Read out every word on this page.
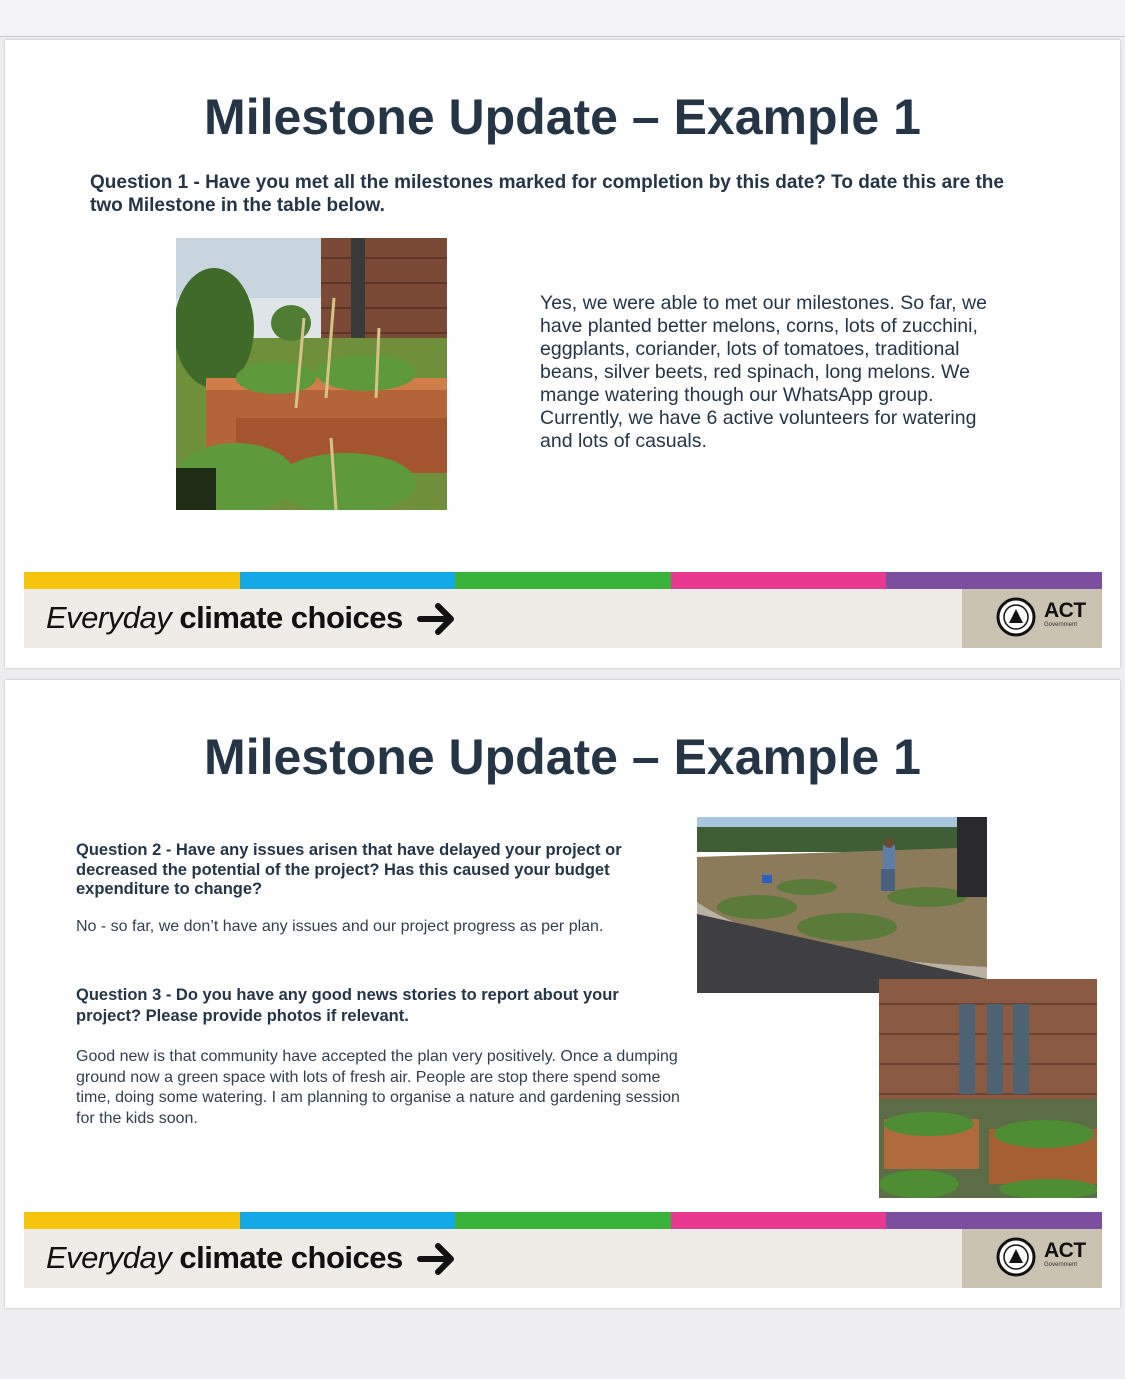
Milestone Update – Example 1

Question 1 - Have you met all the milestones marked for completion by this date? To date this are the two Milestone in the table below.

Yes, we were able to met our milestones. So far, we have planted better melons, corns, lots of zucchini, eggplants, coriander, lots of tomatoes, traditional beans, silver beets, red spinach, long melons. We mange watering though our WhatsApp group. Currently, we have 6 active volunteers for watering and lots of casuals.

Everyday climate choices	ACT
Government
Milestone Update – Example 1

Question 2 - Have any issues arisen that have delayed your project or decreased the potential of the project? Has this caused your budget expenditure to change?

No - so far, we don’t have any issues and our project progress as per plan.

Question 3 - Do you have any good news stories to report about your project? Please provide photos if relevant.

Good new is that community have accepted the plan very positively. Once a dumping ground now a green space with lots of fresh air. People are stop there spend some time, doing some watering. I am planning to organise a nature and gardening session for the kids soon.

Everyday climate choices	ACT
Government
